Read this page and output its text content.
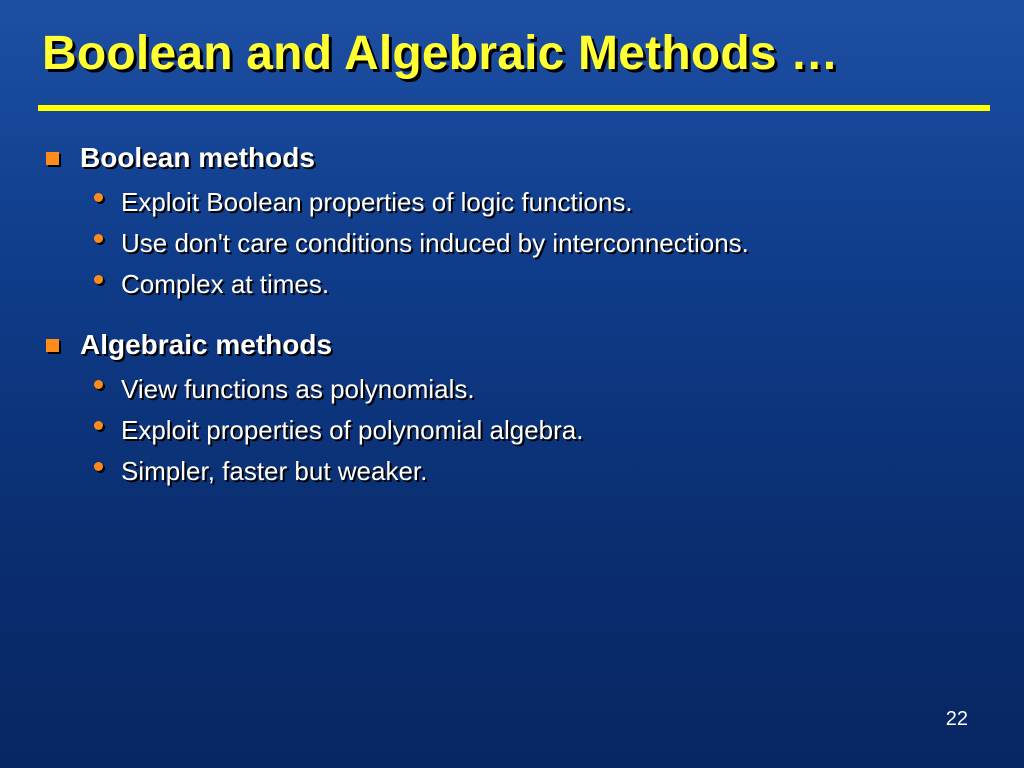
Boolean and Algebraic Methods …
Boolean methods
Exploit Boolean properties of logic functions.
Use don't care conditions induced by interconnections.
Complex at times.
Algebraic methods
View functions as polynomials.
Exploit properties of polynomial algebra.
Simpler, faster but weaker.
22
